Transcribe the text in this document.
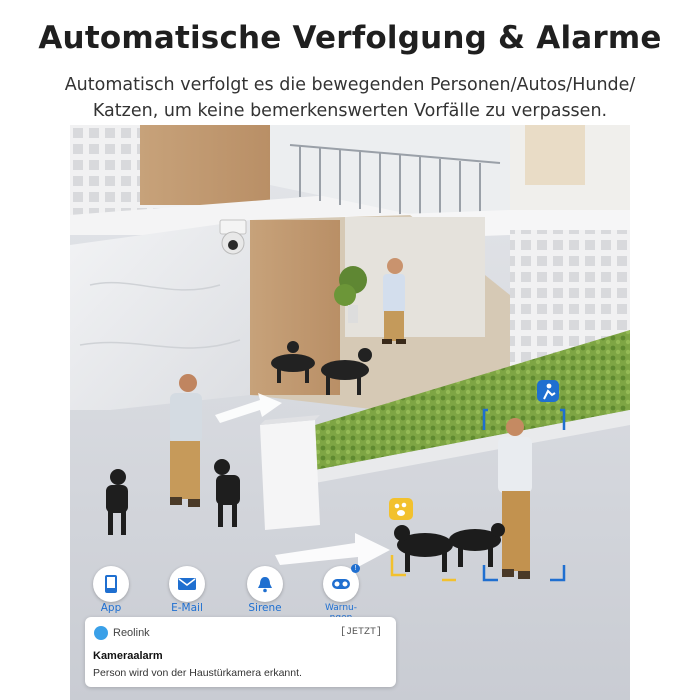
Automatische Verfolgung & Alarme
Automatisch verfolgt es die bewegenden Personen/Autos/Hunde/
Katzen, um keine bemerkenswerten Vorfälle zu verpassen.
App	E-Mail	Sirene
!
Warnu-
Reolink	[JETZT]
Kameraalarm
Person wird von der Haustürkamera erkannt.
